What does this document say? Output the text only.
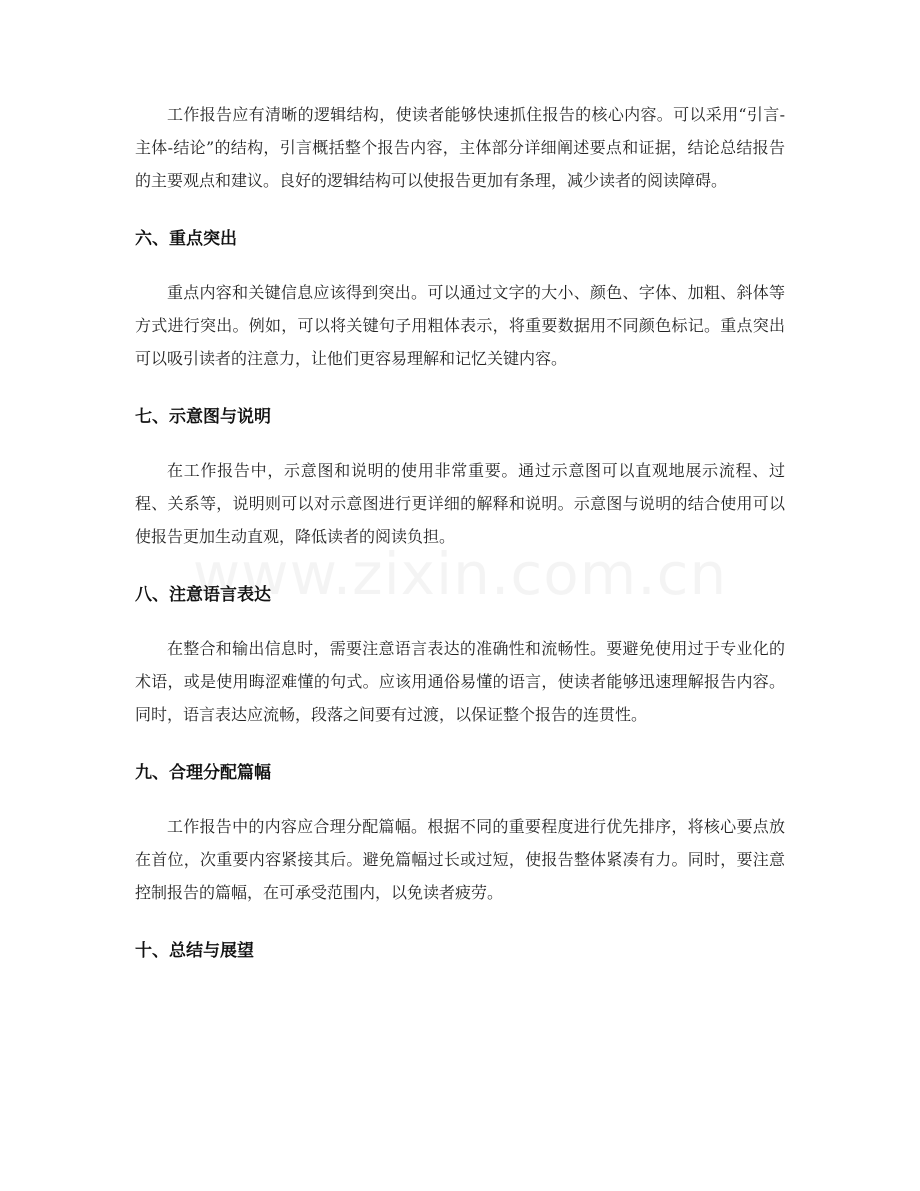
工作报告应有清晰的逻辑结构，使读者能够快速抓住报告的核心内容。可以采用“引言-主体-结论”的结构，引言概括整个报告内容，主体部分详细阐述要点和证据，结论总结报告的主要观点和建议。良好的逻辑结构可以使报告更加有条理，减少读者的阅读障碍。

六、重点突出

重点内容和关键信息应该得到突出。可以通过文字的大小、颜色、字体、加粗、斜体等方式进行突出。例如，可以将关键句子用粗体表示，将重要数据用不同颜色标记。重点突出可以吸引读者的注意力，让他们更容易理解和记忆关键内容。

七、示意图与说明

在工作报告中，示意图和说明的使用非常重要。通过示意图可以直观地展示流程、过程、关系等，说明则可以对示意图进行更详细的解释和说明。示意图与说明的结合使用可以使报告更加生动直观，降低读者的阅读负担。

八、注意语言表达

在整合和输出信息时，需要注意语言表达的准确性和流畅性。要避免使用过于专业化的术语，或是使用晦涩难懂的句式。应该用通俗易懂的语言，使读者能够迅速理解报告内容。同时，语言表达应流畅，段落之间要有过渡，以保证整个报告的连贯性。

九、合理分配篇幅

工作报告中的内容应合理分配篇幅。根据不同的重要程度进行优先排序，将核心要点放在首位，次重要内容紧接其后。避免篇幅过长或过短，使报告整体紧凑有力。同时，要注意控制报告的篇幅，在可承受范围内，以免读者疲劳。

十、总结与展望
